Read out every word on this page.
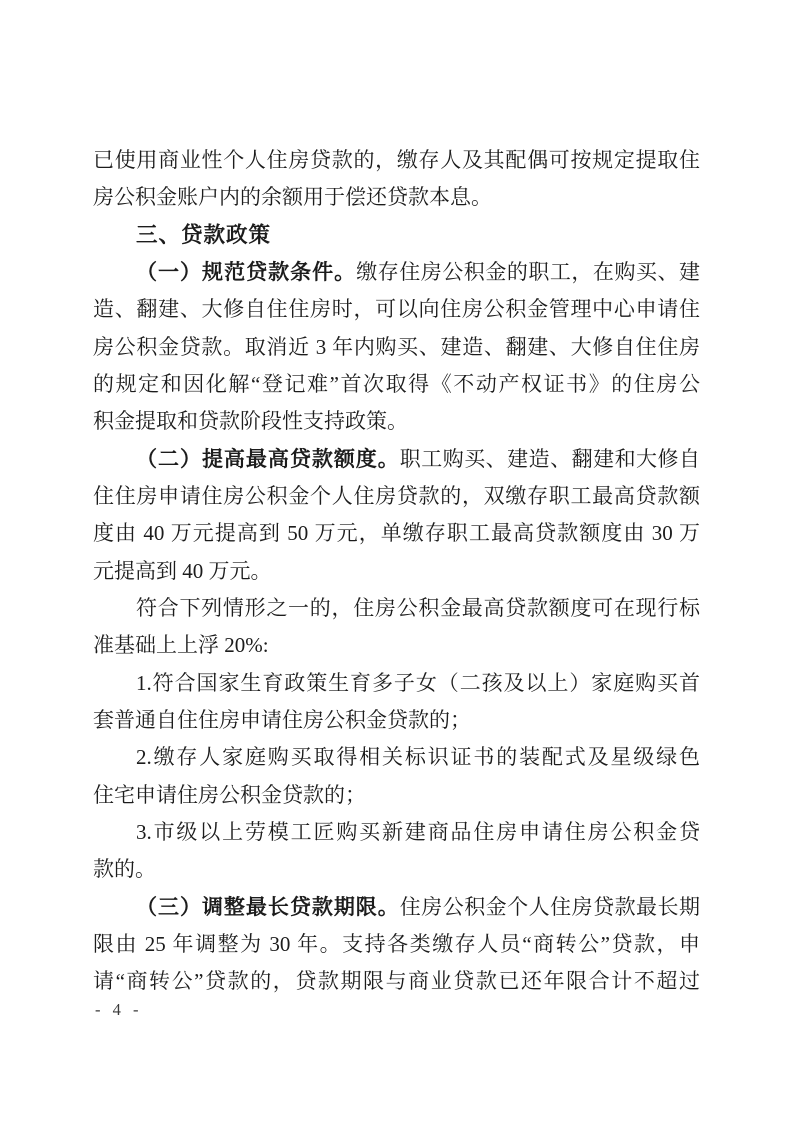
已使用商业性个人住房贷款的，缴存人及其配偶可按规定提取住
房公积金账户内的余额用于偿还贷款本息。
三、贷款政策
（一）规范贷款条件。缴存住房公积金的职工，在购买、建
造、翻建、大修自住住房时，可以向住房公积金管理中心申请住
房公积金贷款。取消近 3 年内购买、建造、翻建、大修自住住房
的规定和因化解“登记难”首次取得《不动产权证书》的住房公
积金提取和贷款阶段性支持政策。
（二）提高最高贷款额度。职工购买、建造、翻建和大修自
住住房申请住房公积金个人住房贷款的，双缴存职工最高贷款额
度由 40 万元提高到 50 万元，单缴存职工最高贷款额度由 30 万
元提高到 40 万元。
符合下列情形之一的，住房公积金最高贷款额度可在现行标
准基础上上浮 20%:
1.符合国家生育政策生育多子女（二孩及以上）家庭购买首
套普通自住住房申请住房公积金贷款的；
2.缴存人家庭购买取得相关标识证书的装配式及星级绿色
住宅申请住房公积金贷款的；
3.市级以上劳模工匠购买新建商品住房申请住房公积金贷
款的。
（三）调整最长贷款期限。住房公积金个人住房贷款最长期
限由 25 年调整为 30 年。支持各类缴存人员“商转公”贷款，申
请“商转公”贷款的，贷款期限与商业贷款已还年限合计不超过
- 4 -
